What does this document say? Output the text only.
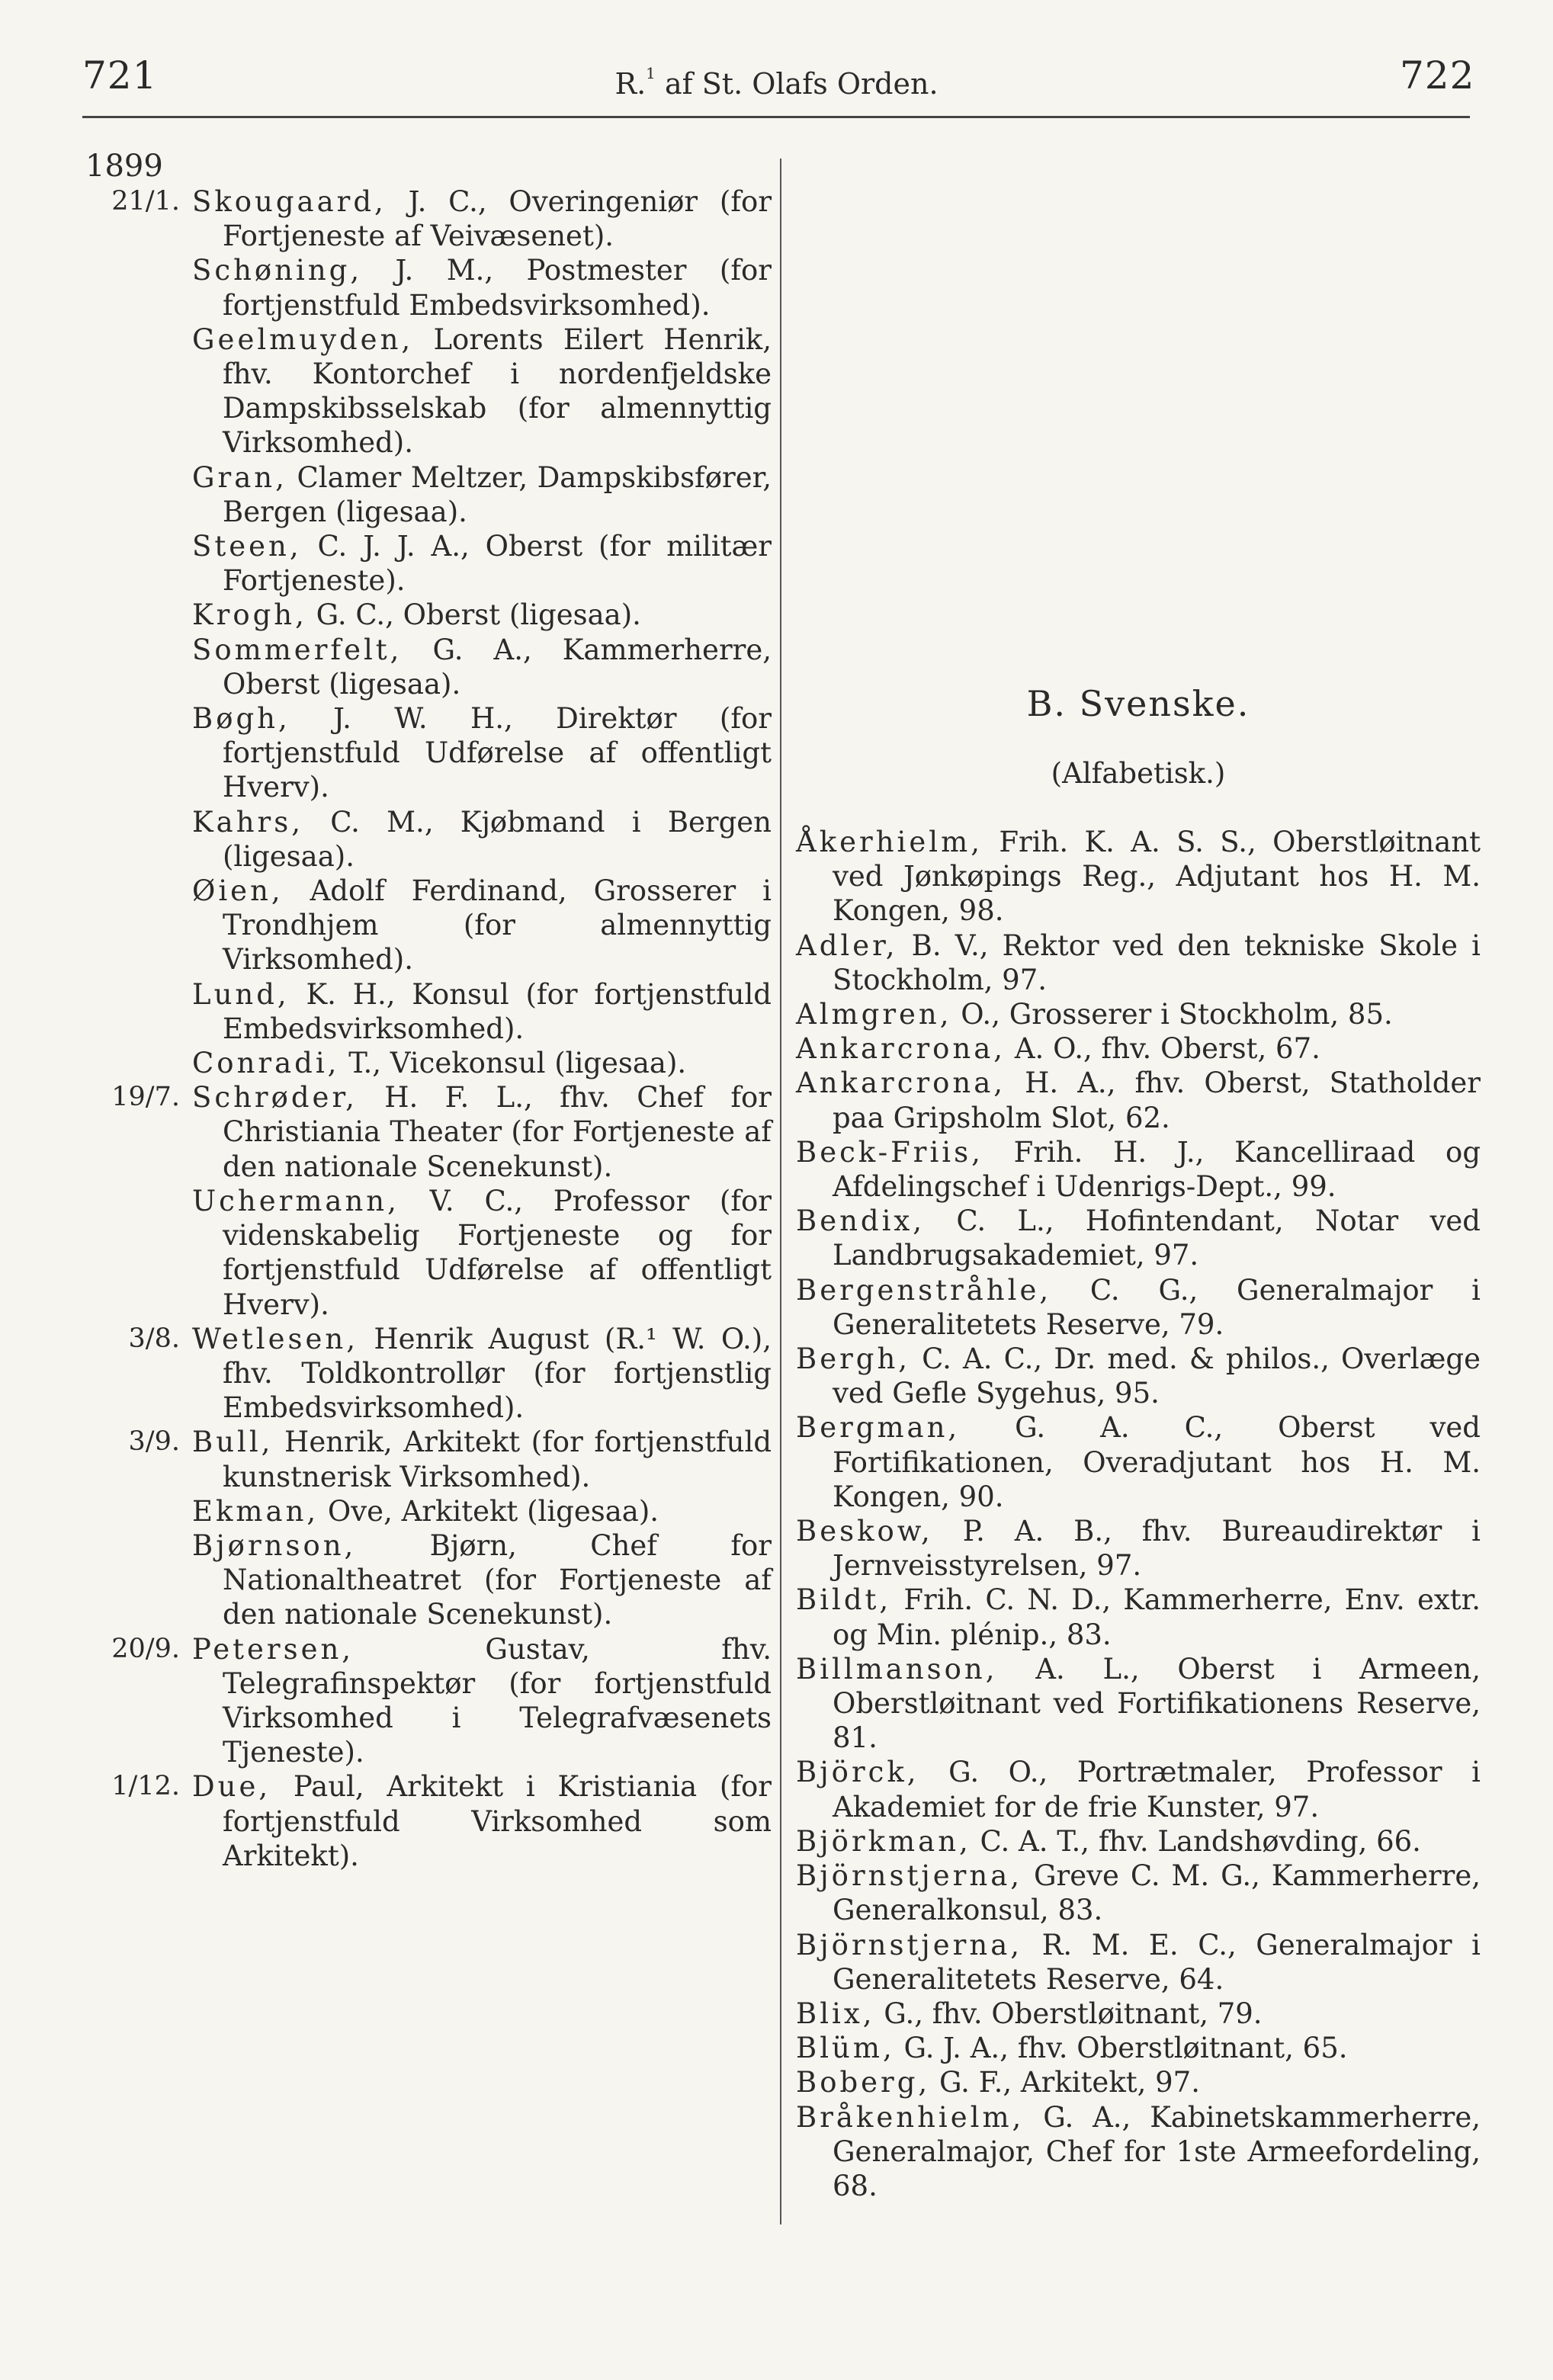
721	R.$^1$ af St. Olafs Orden.	722
1899
21/1. Skougaard, J. C., Overingeniør (for Fortjeneste af Veivæsenet).
Schøning, J. M., Postmester (for fortjenstfuld Embedsvirksomhed).
Geelmuyden, Lorents Eilert Henrik, fhv. Kontorchef i nordenfjeldske Dampskibsselskab (for almennyttig Virksomhed).
Gran, Clamer Meltzer, Dampskibsfører, Bergen (ligesaa).
Steen, C. J. J. A., Oberst (for militær Fortjeneste).
Krogh, G. C., Oberst (ligesaa).
Sommerfelt, G. A., Kammerherre, Oberst (ligesaa).
Bøgh, J. W. H., Direktør (for fortjenstfuld Udførelse af offentligt Hverv).
Kahrs, C. M., Kjøbmand i Bergen (ligesaa).
Øien, Adolf Ferdinand, Grosserer i Trondhjem (for almennyttig Virksomhed).
Lund, K. H., Konsul (for fortjenstfuld Embedsvirksomhed).
Conradi, T., Vicekonsul (ligesaa).
19/7. Schrøder, H. F. L., fhv. Chef for Christiania Theater (for Fortjeneste af den nationale Scenekunst).
Uchermann, V. C., Professor (for videnskabelig Fortjeneste og for fortjenstfuld Udførelse af offentligt Hverv).
3/8. Wetlesen, Henrik August (R.¹ W. O.), fhv. Toldkontrollør (for fortjenstlig Embedsvirksomhed).
3/9. Bull, Henrik, Arkitekt (for fortjenstfuld kunstnerisk Virksomhed).
Ekman, Ove, Arkitekt (ligesaa).
Bjørnson, Bjørn, Chef for Nationaltheatret (for Fortjeneste af den nationale Scenekunst).
20/9. Petersen, Gustav, fhv. Telegrafinspektør (for fortjenstfuld Virksomhed i Telegrafvæsenets Tjeneste).
1/12. Due, Paul, Arkitekt i Kristiania (for fortjenstfuld Virksomhed som Arkitekt).
B. Svenske.
(Alfabetisk.)
Åkerhielm, Frih. K. A. S. S., Oberstløitnant ved Jønkøpings Reg., Adjutant hos H. M. Kongen, 98.
Adler, B. V., Rektor ved den tekniske Skole i Stockholm, 97.
Almgren, O., Grosserer i Stockholm, 85.
Ankarcrona, A. O., fhv. Oberst, 67.
Ankarcrona, H. A., fhv. Oberst, Statholder paa Gripsholm Slot, 62.
Beck-Friis, Frih. H. J., Kancelliraad og Afdelingschef i Udenrigs-Dept., 99.
Bendix, C. L., Hofintendant, Notar ved Landbrugsakademiet, 97.
Bergenstråhle, C. G., Generalmajor i Generalitetets Reserve, 79.
Bergh, C. A. C., Dr. med. & philos., Overlæge ved Gefle Sygehus, 95.
Bergman, G. A. C., Oberst ved Fortifikationen, Overadjutant hos H. M. Kongen, 90.
Beskow, P. A. B., fhv. Bureaudirektør i Jernveisstyrelsen, 97.
Bildt, Frih. C. N. D., Kammerherre, Env. extr. og Min. plénip., 83.
Billmanson, A. L., Oberst i Armeen, Oberstløitnant ved Fortifikationens Reserve, 81.
Björck, G. O., Portrætmaler, Professor i Akademiet for de frie Kunster, 97.
Björkman, C. A. T., fhv. Landshøvding, 66.
Björnstjerna, Greve C. M. G., Kammerherre, Generalkonsul, 83.
Björnstjerna, R. M. E. C., Generalmajor i Generalitetets Reserve, 64.
Blix, G., fhv. Oberstløitnant, 79.
Blüm, G. J. A., fhv. Oberstløitnant, 65.
Boberg, G. F., Arkitekt, 97.
Bråkenhielm, G. A., Kabinetskammerherre, Generalmajor, Chef for 1ste Armeefordeling, 68.
